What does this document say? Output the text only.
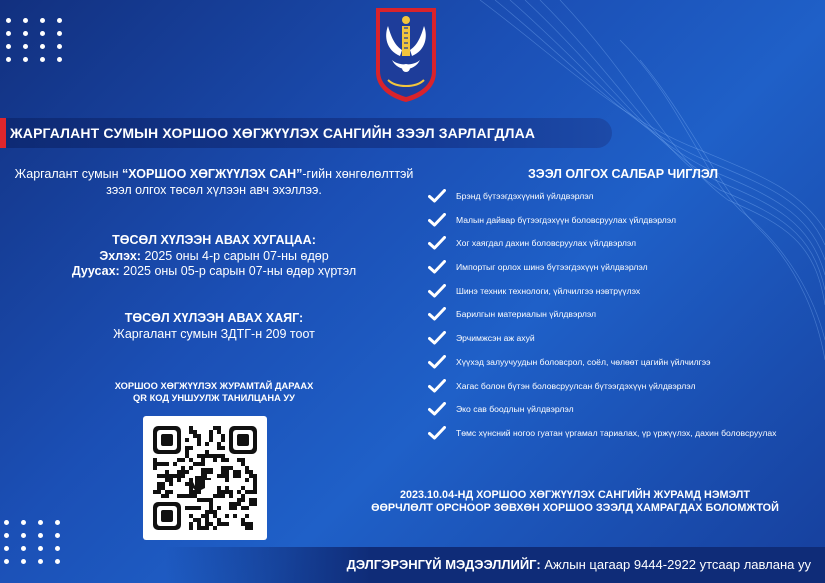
ЖАРГАЛАНТ СУМЫН ХОРШОО ХӨГЖҮҮЛЭХ САНГИЙН ЗЭЭЛ ЗАРЛАГДЛАА
Жаргалант сумын “ХОРШОО ХӨГЖҮҮЛЭХ САН”-гийн хөнгөлөлттэй зээл олгох төсөл хүлээн авч эхэллээ.
ТӨСӨЛ ХҮЛЭЭН АВАХ ХУГАЦАА:
Эхлэх: 2025 оны 4-р сарын 07-ны өдөр
Дуусах: 2025 оны 05-р сарын 07-ны өдөр хүртэл
ТӨСӨЛ ХҮЛЭЭН АВАХ ХАЯГ:
Жаргалант сумын ЗДТГ-н 209 тоот
ХОРШОО ХӨГЖҮҮЛЭХ ЖУРАМТАЙ ДАРААХ
QR КОД УНШУУЛЖ ТАНИЛЦАНА УУ
ЗЭЭЛ ОЛГОХ САЛБАР ЧИГЛЭЛ
Брэнд бүтээгдэхүүний үйлдвэрлэл
Малын дайвар бүтээгдэхүүн боловсруулах үйлдвэрлэл
Хог хаягдал дахин боловсруулах үйлдвэрлэл
Импортыг орлох шинэ бүтээгдэхүүн үйлдвэрлэл
Шинэ техник технологи, үйлчилгээ нэвтрүүлэх
Барилгын материалын үйлдвэрлэл
Эрчимжсэн аж ахуй
Хүүхэд залуучуудын боловсрол, соёл, чөлөөт цагийн үйлчилгээ
Хагас болон бүтэн боловсруулсан бүтээгдэхүүн үйлдвэрлэл
Эко сав боодлын үйлдвэрлэл
Төмс хүнсний ногоо гуатан үргамал тариалах, үр үржүүлэх, дахин боловсруулах
2023.10.04-НД ХОРШОО ХӨГЖҮҮЛЭХ САНГИЙН ЖУРАМД НЭМЭЛТ
ӨӨРЧЛӨЛТ ОРСНООР ЗӨВХӨН ХОРШОО ЗЭЭЛД ХАМРАГДАХ БОЛОМЖТОЙ
ДЭЛГЭРЭНГҮЙ МЭДЭЭЛЛИЙГ: Ажлын цагаар 9444-2922 утсаар лавлана уу
